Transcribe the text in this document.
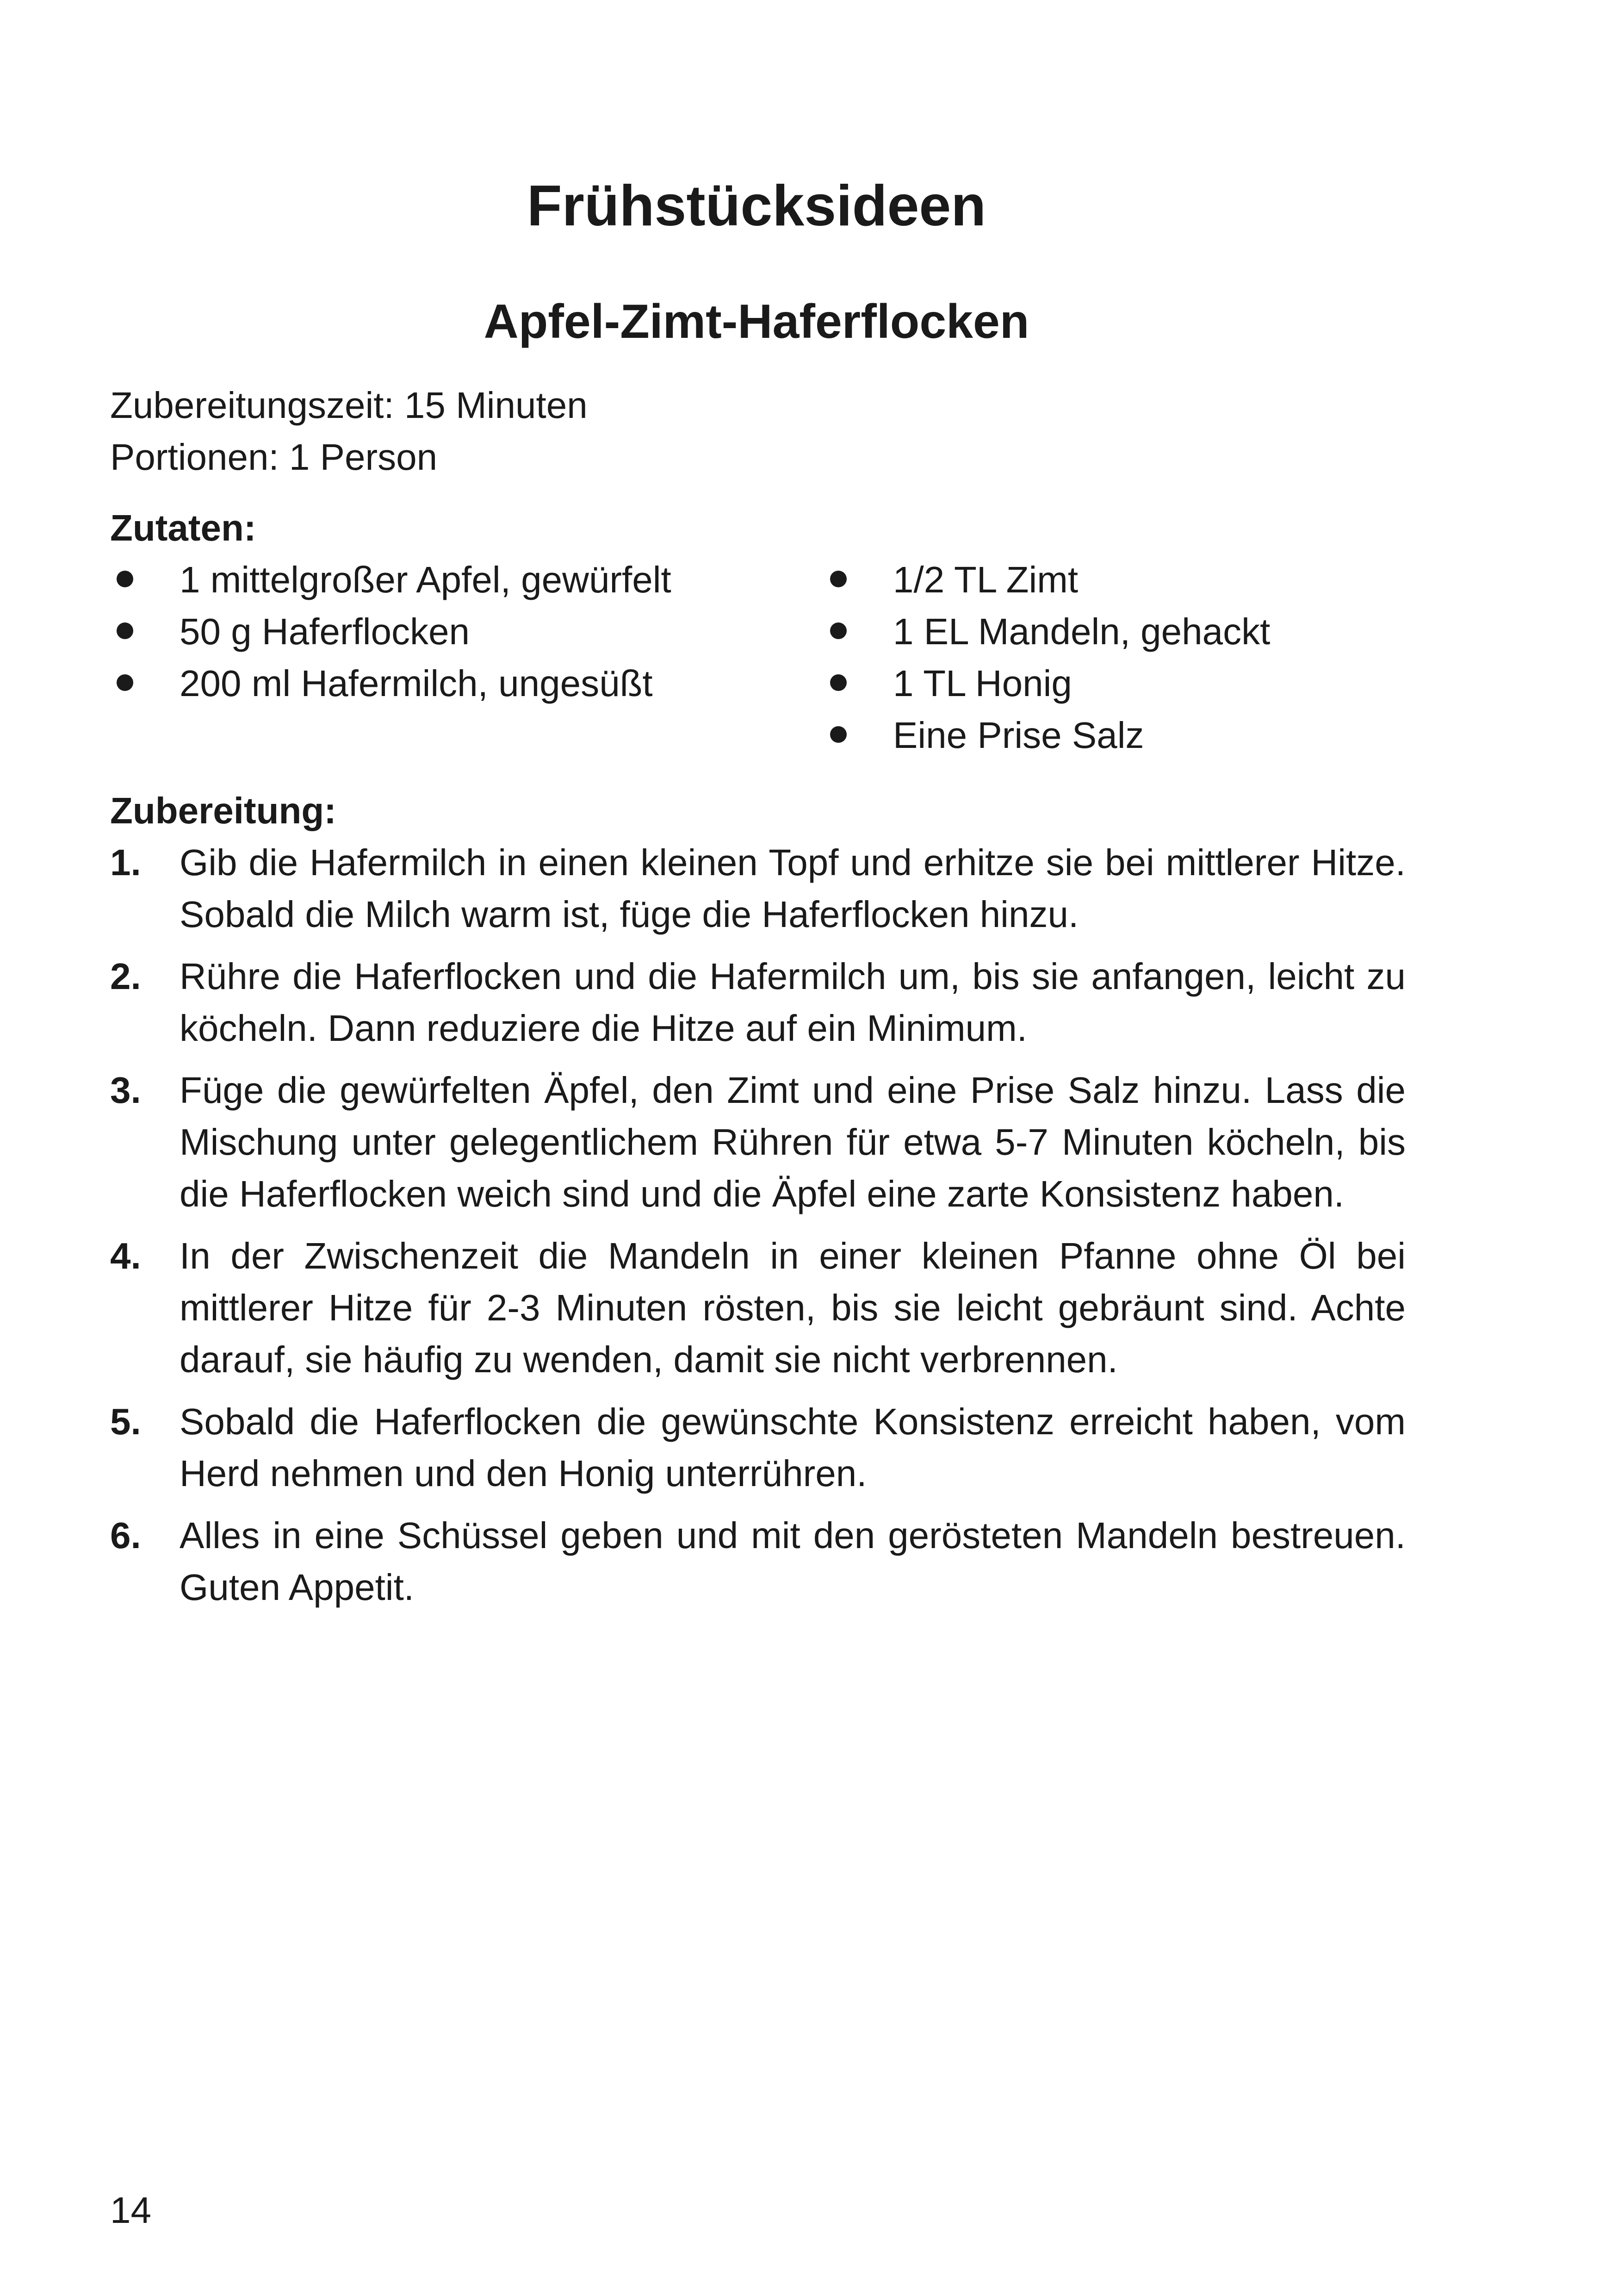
Frühstücksideen
Apfel-Zimt-Haferflocken
Zubereitungszeit: 15 Minuten
Portionen: 1 Person
Zutaten:
1 mittelgroßer Apfel, gewürfelt
50 g Haferflocken
200 ml Hafermilch, ungesüßt
1/2 TL Zimt
1 EL Mandeln, gehackt
1 TL Honig
Eine Prise Salz
Zubereitung:
1. Gib die Hafermilch in einen kleinen Topf und erhitze sie bei mittlerer Hitze. Sobald die Milch warm ist, füge die Haferflocken hinzu.
2. Rühre die Haferflocken und die Hafermilch um, bis sie anfangen, leicht zu köcheln. Dann reduziere die Hitze auf ein Minimum.
3. Füge die gewürfelten Äpfel, den Zimt und eine Prise Salz hinzu. Lass die Mischung unter gelegentlichem Rühren für etwa 5-7 Minuten köcheln, bis die Haferflocken weich sind und die Äpfel eine zarte Konsistenz haben.
4. In der Zwischenzeit die Mandeln in einer kleinen Pfanne ohne Öl bei mittlerer Hitze für 2-3 Minuten rösten, bis sie leicht gebräunt sind. Achte darauf, sie häufig zu wenden, damit sie nicht verbrennen.
5. Sobald die Haferflocken die gewünschte Konsistenz erreicht haben, vom Herd nehmen und den Honig unterrühren.
6. Alles in eine Schüssel geben und mit den gerösteten Mandeln bestreuen. Guten Appetit.
14
